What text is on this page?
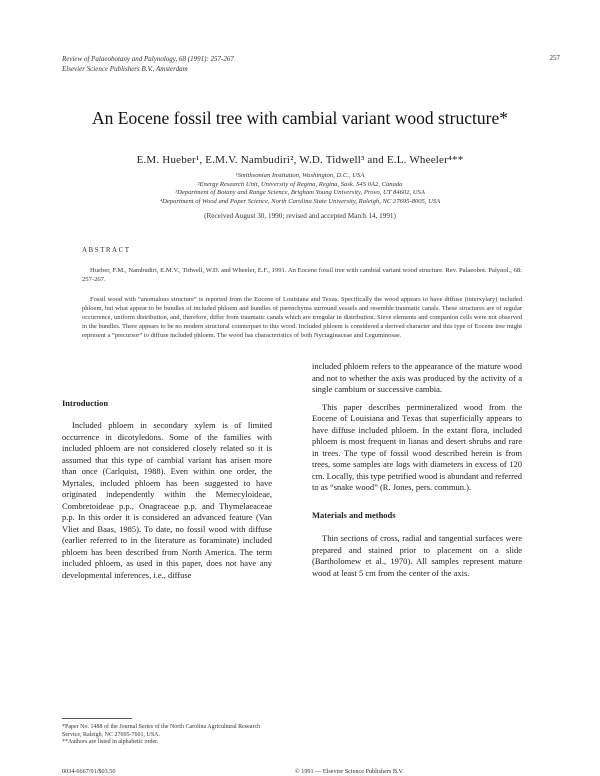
Review of Palaeobotany and Palynology, 68 (1991): 257-267
Elsevier Science Publishers B.V., Amsterdam
257
An Eocene fossil tree with cambial variant wood structure*
E.M. Hueber¹, E.M.V. Nambudiri², W.D. Tidwell³ and E.L. Wheeler⁴**
¹Smithsonian Institution, Washington, D.C., USA
²Energy Research Unit, University of Regina, Regina, Sask. S4S 0A2, Canada
³Department of Botany and Range Science, Brigham Young University, Provo, UT 84602, USA
⁴Department of Wood and Paper Science, North Carolina State University, Raleigh, NC 27695-8005, USA
(Received August 30, 1990; revised and accepted March 14, 1991)
ABSTRACT
Hueber, F.M., Nambudiri, E.M.V., Tidwell, W.D. and Wheeler, E.F., 1991. An Eocene fossil tree with cambial variant wood structure. Rev. Palaeobot. Palynol., 68: 257-267.
Fossil wood with “anomalous structure” is reported from the Eocene of Louisiana and Texas. Specifically the wood appears to have diffuse (interxylary) included phloem, but what appear to be bundles of included phloem and bundles of parenchyma surround vessels and resemble traumatic canals. These structures are of regular occurrence, uniform distribution, and, therefore, differ from traumatic canals which are irregular in distribution. Sieve elements and companion cells were not observed in the bundles. There appears to be no modern structural counterpart to this wood. Included phloem is considered a derived character and this type of Eocene tree might represent a “precursor” to diffuse included phloem. The wood has characteristics of both Nyctaginaceae and Leguminosae.
Introduction

Included phloem in secondary xylem is of limited occurrence in dicotyledons. Some of the families with included phloem are not considered closely related so it is assumed that this type of cambial variant has arisen more than once (Carlquist, 1988). Even within one order, the Myrtales, included phloem has been suggested to have originated independently within the Memecyloideae, Combretoideae p.p., Onagraceae p.p. and Thymelaeaceae p.p. In this order it is considered an advanced feature (Van Vliet and Baas, 1985). To date, no fossil wood with diffuse (earlier referred to in the literature as foraminate) included phloem has been described from North America. The term included phloem, as used in this paper, does not have any developmental inferences, i.e., diffuse

*Paper No. 1488 of the Journal Series of the North Carolina Agricultural Research Service, Raleigh, NC 27695-7601, USA.
**Authors are listed in alphabetic order.

included phloem refers to the appearance of the mature wood and not to whether the axis was produced by the activity of a single cambium or successive cambia.

This paper describes permineralized wood from the Eocene of Louisiana and Texas that superficially appears to have diffuse included phloem. In the extant flora, included phloem is most frequent in lianas and desert shrubs and rare in trees. The type of fossil wood described herein is from trees, some samples are logs with diameters in excess of 120 cm. Locally, this type petrified wood is abundant and referred to as “snake wood” (R. Jones, pers. commun.).

Materials and methods

Thin sections of cross, radial and tangential surfaces were prepared and stained prior to placement on a slide (Bartholomew et al., 1970). All samples represent mature wood at least 5 cm from the center of the axis.

0034-6667/91/$03.50	© 1991 — Elsevier Science Publishers B.V.
